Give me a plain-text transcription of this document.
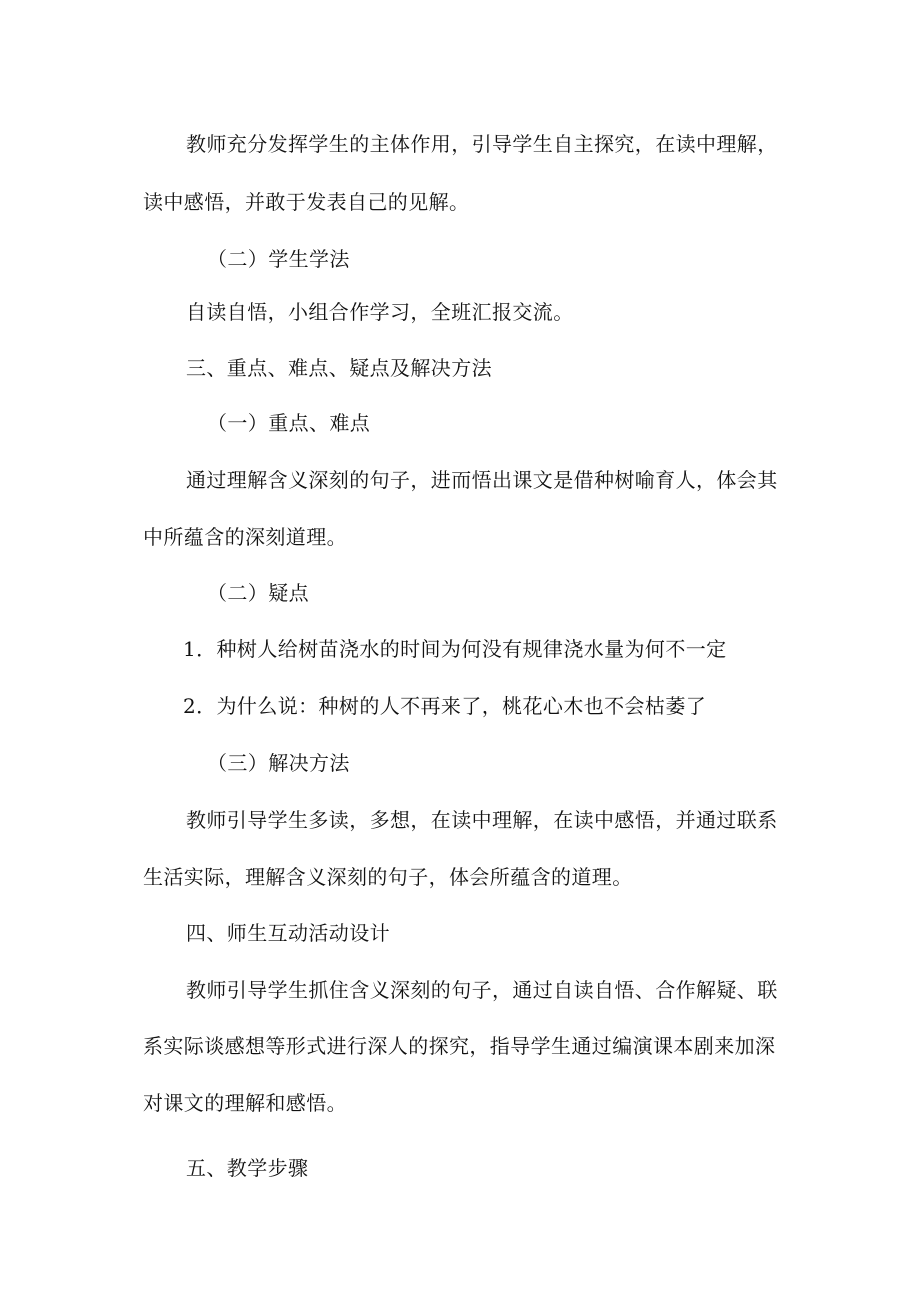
教师充分发挥学生的主体作用，引导学生自主探究，在读中理解，
读中感悟，并敢于发表自己的见解。
（二）学生学法
自读自悟，小组合作学习，全班汇报交流。
三、重点、难点、疑点及解决方法
（一）重点、难点
通过理解含义深刻的句子，进而悟出课文是借种树喻育人，体会其
中所蕴含的深刻道理。
（二）疑点
1．种树人给树苗浇水的时间为何没有规律浇水量为何不一定
2．为什么说：种树的人不再来了，桃花心木也不会枯萎了
（三）解决方法
教师引导学生多读，多想，在读中理解，在读中感悟，并通过联系
生活实际，理解含义深刻的句子，体会所蕴含的道理。
四、师生互动活动设计
教师引导学生抓住含义深刻的句子，通过自读自悟、合作解疑、联
系实际谈感想等形式进行深人的探究，指导学生通过编演课本剧来加深
对课文的理解和感悟。
五、教学步骤
